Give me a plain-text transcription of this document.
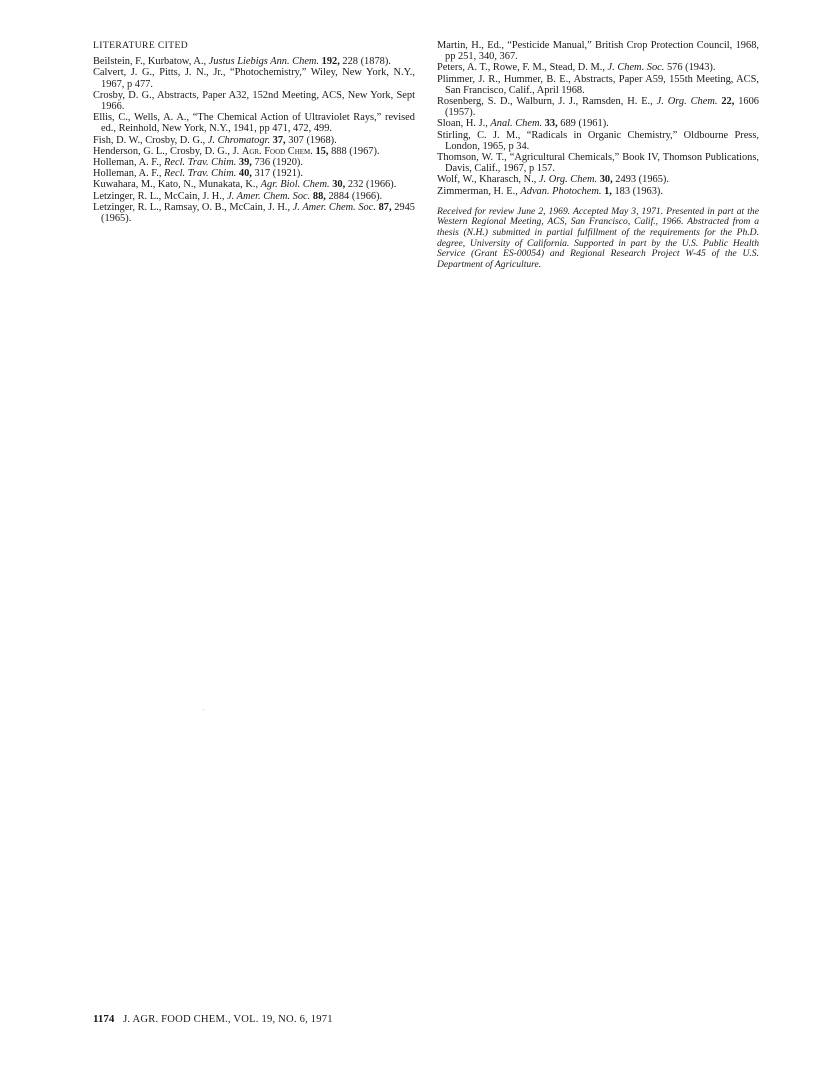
LITERATURE CITED

Beilstein, F., Kurbatow, A., Justus Liebigs Ann. Chem. 192, 228 (1878).

Calvert, J. G., Pitts, J. N., Jr., “Photochemistry,” Wiley, New York, N.Y., 1967, p 477.

Crosby, D. G., Abstracts, Paper A32, 152nd Meeting, ACS, New York, Sept 1966.

Ellis, C., Wells, A. A., “The Chemical Action of Ultraviolet Rays,” revised ed., Reinhold, New York, N.Y., 1941, pp 471, 472, 499.

Fish, D. W., Crosby, D. G., J. Chromatogr. 37, 307 (1968).

Henderson, G. L., Crosby, D. G., J. Agr. Food Chem. 15, 888 (1967).

Holleman, A. F., Recl. Trav. Chim. 39, 736 (1920).

Holleman, A. F., Recl. Trav. Chim. 40, 317 (1921).

Kuwahara, M., Kato, N., Munakata, K., Agr. Biol. Chem. 30, 232 (1966).

Letzinger, R. L., McCain, J. H., J. Amer. Chem. Soc. 88, 2884 (1966).

Letzinger, R. L., Ramsay, O. B., McCain, J. H., J. Amer. Chem. Soc. 87, 2945 (1965).

Martin, H., Ed., “Pesticide Manual,” British Crop Protection Council, 1968, pp 251, 340, 367.

Peters, A. T., Rowe, F. M., Stead, D. M., J. Chem. Soc. 576 (1943).

Plimmer, J. R., Hummer, B. E., Abstracts, Paper A59, 155th Meeting, ACS, San Francisco, Calif., April 1968.

Rosenberg, S. D., Walburn, J. J., Ramsden, H. E., J. Org. Chem. 22, 1606 (1957).

Sloan, H. J., Anal. Chem. 33, 689 (1961).

Stirling, C. J. M., “Radicals in Organic Chemistry,” Oldbourne Press, London, 1965, p 34.

Thomson, W. T., “Agricultural Chemicals,” Book IV, Thomson Publications, Davis, Calif., 1967, p 157.

Wolf, W., Kharasch, N., J. Org. Chem. 30, 2493 (1965).

Zimmerman, H. E., Advan. Photochem. 1, 183 (1963).

Received for review June 2, 1969. Accepted May 3, 1971. Presented in part at the Western Regional Meeting, ACS, San Francisco, Calif., 1966. Abstracted from a thesis (N.H.) submitted in partial fulfillment of the requirements for the Ph.D. degree, University of California. Supported in part by the U.S. Public Health Service (Grant ES-00054) and Regional Research Project W-45 of the U.S. Department of Agriculture.
1174 J. AGR. FOOD CHEM., VOL. 19, NO. 6, 1971
